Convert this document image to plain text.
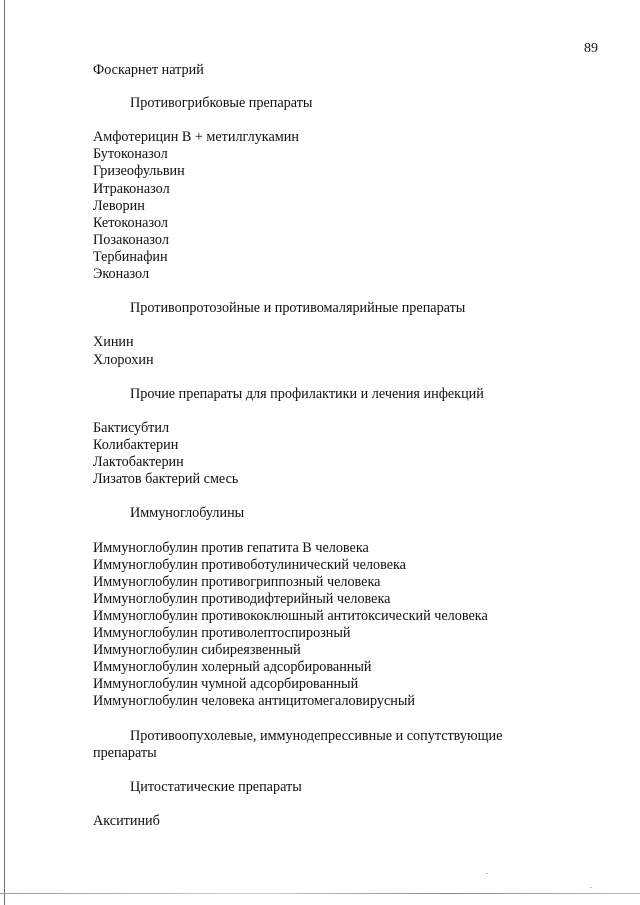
89
Фоскарнет натрий
Противогрибковые препараты
Амфотерицин В + метилглукамин
Бутоконазол
Гризеофульвин
Итраконазол
Леворин
Кетоконазол
Позаконазол
Тербинафин
Эконазол
Противопротозойные и противомалярийные препараты
Хинин
Хлорохин
Прочие препараты для профилактики и лечения инфекций
Бактисубтил
Колибактерин
Лактобактерин
Лизатов бактерий смесь
Иммуноглобулины
Иммуноглобулин против гепатита В человека
Иммуноглобулин противоботулинический человека
Иммуноглобулин противогриппозный человека
Иммуноглобулин противодифтерийный человека
Иммуноглобулин противококлюшный антитоксический человека
Иммуноглобулин противолептоспирозный
Иммуноглобулин сибиреязвенный
Иммуноглобулин холерный адсорбированный
Иммуноглобулин чумной адсорбированный
Иммуноглобулин человека антицитомегаловирусный
Противоопухолевые, иммунодепрессивные и сопутствующие препараты
Цитостатические препараты
Акситиниб
